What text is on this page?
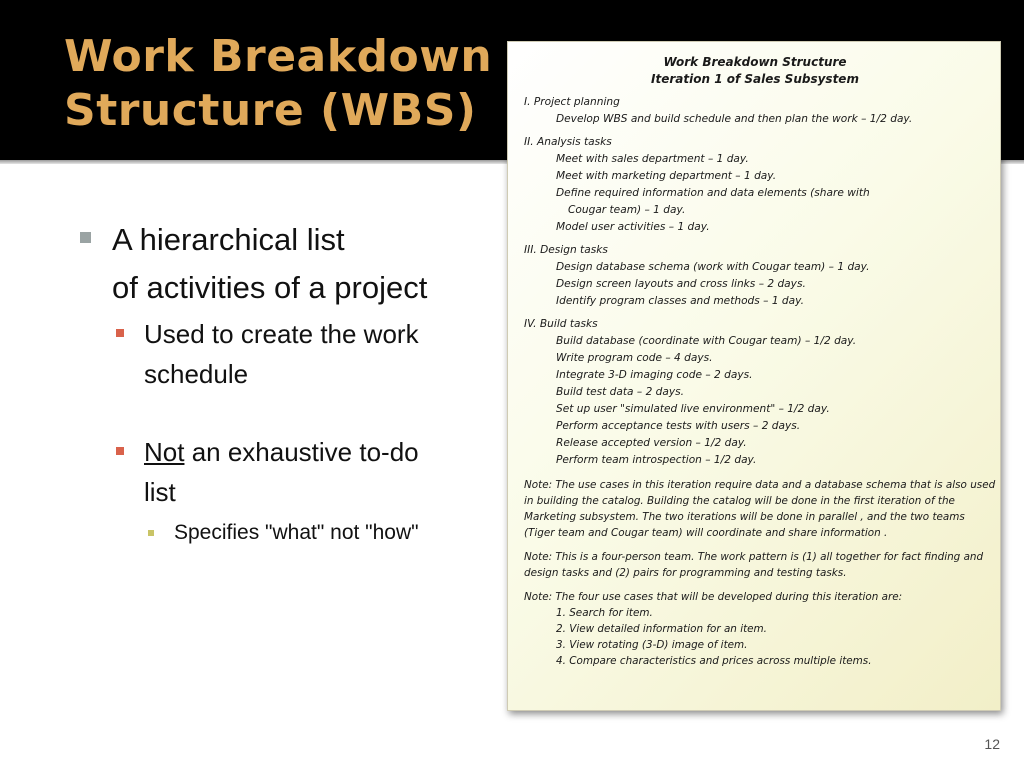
Work Breakdown
Structure (WBS)
A hierarchical list
of activities of a project
Used to create the work
schedule
Not an exhaustive to-do
list
Specifies "what" not "how"
Work Breakdown Structure
Iteration 1 of Sales Subsystem
I. Project planning
Develop WBS and build schedule and then plan the work – 1/2 day.
II. Analysis tasks
Meet with sales department – 1 day.
Meet with marketing department – 1 day.
Define required information and data elements (share with
Cougar team) – 1 day.
Model user activities – 1 day.
III. Design tasks
Design database schema (work with Cougar team) – 1 day.
Design screen layouts and cross links – 2 days.
Identify program classes and methods – 1 day.
IV. Build tasks
Build database (coordinate with Cougar team) – 1/2 day.
Write program code – 4 days.
Integrate 3-D imaging code – 2 days.
Build test data – 2 days.
Set up user "simulated live environment" – 1/2 day.
Perform acceptance tests with users – 2 days.
Release accepted version – 1/2 day.
Perform team introspection – 1/2 day.
Note: The use cases in this iteration require data and a database schema that is also used
in building the catalog. Building the catalog will be done in the first iteration of the
Marketing subsystem. The two iterations will be done in parallel , and the two teams
(Tiger team and Cougar team) will coordinate and share information .
Note: This is a four-person team. The work pattern is (1) all together for fact finding and
design tasks and (2) pairs for programming and testing tasks.
Note: The four use cases that will be developed during this iteration are:
1. Search for item.
2. View detailed information for an item.
3. View rotating (3-D) image of item.
4. Compare characteristics and prices across multiple items.
12
